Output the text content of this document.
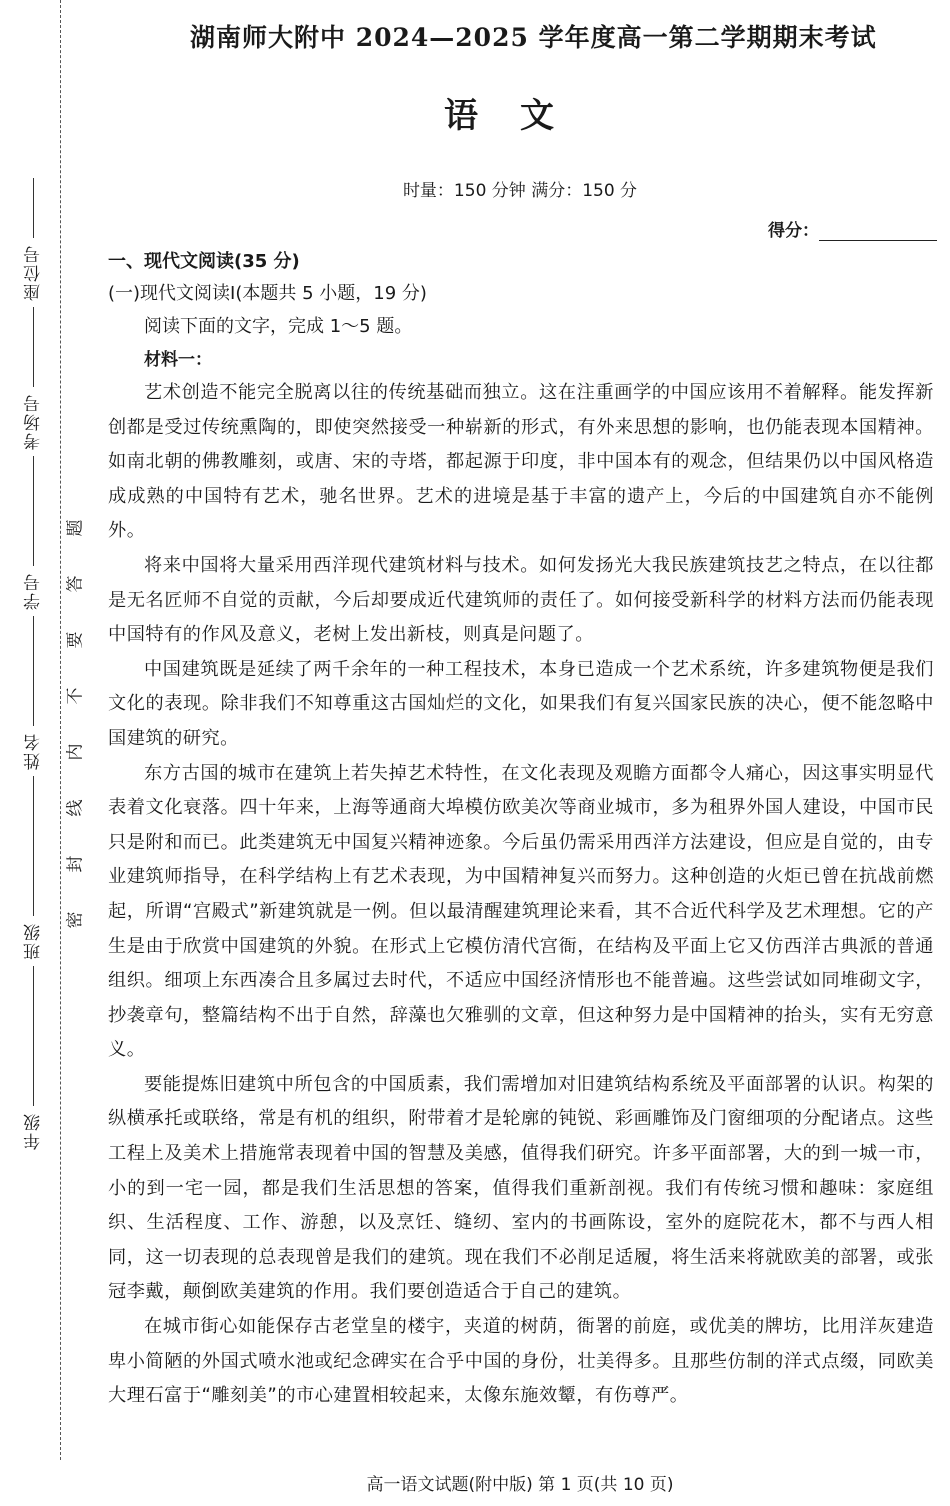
座位号
考场号
学号
姓名
班级
年级
题
答
要
不
内
线
封
密
湖南师大附中 2024—2025 学年度高一第二学期期末考试
语文
时量：150 分钟 满分：150 分
得分：

一、现代文阅读(35 分)

(一)现代文阅读Ⅰ(本题共 5 小题，19 分)

阅读下面的文字，完成 1～5 题。

材料一：

艺术创造不能完全脱离以往的传统基础而独立。这在注重画学的中国应该用不着解释。能发挥新创都是受过传统熏陶的，即使突然接受一种崭新的形式，有外来思想的影响，也仍能表现本国精神。如南北朝的佛教雕刻，或唐、宋的寺塔，都起源于印度，非中国本有的观念，但结果仍以中国风格造成成熟的中国特有艺术，驰名世界。艺术的进境是基于丰富的遗产上，今后的中国建筑自亦不能例外。

将来中国将大量采用西洋现代建筑材料与技术。如何发扬光大我民族建筑技艺之特点，在以往都是无名匠师不自觉的贡献，今后却要成近代建筑师的责任了。如何接受新科学的材料方法而仍能表现中国特有的作风及意义，老树上发出新枝，则真是问题了。

中国建筑既是延续了两千余年的一种工程技术，本身已造成一个艺术系统，许多建筑物便是我们文化的表现。除非我们不知尊重这古国灿烂的文化，如果我们有复兴国家民族的决心，便不能忽略中国建筑的研究。

东方古国的城市在建筑上若失掉艺术特性，在文化表现及观瞻方面都令人痛心，因这事实明显代表着文化衰落。四十年来，上海等通商大埠模仿欧美次等商业城市，多为租界外国人建设，中国市民只是附和而已。此类建筑无中国复兴精神迹象。今后虽仍需采用西洋方法建设，但应是自觉的，由专业建筑师指导，在科学结构上有艺术表现，为中国精神复兴而努力。这种创造的火炬已曾在抗战前燃起，所谓“宫殿式”新建筑就是一例。但以最清醒建筑理论来看，其不合近代科学及艺术理想。它的产生是由于欣赏中国建筑的外貌。在形式上它模仿清代宫衙，在结构及平面上它又仿西洋古典派的普通组织。细项上东西凑合且多属过去时代，不适应中国经济情形也不能普遍。这些尝试如同堆砌文字，抄袭章句，整篇结构不出于自然，辞藻也欠雅驯的文章，但这种努力是中国精神的抬头，实有无穷意义。

要能提炼旧建筑中所包含的中国质素，我们需增加对旧建筑结构系统及平面部署的认识。构架的纵横承托或联络，常是有机的组织，附带着才是轮廓的钝锐、彩画雕饰及门窗细项的分配诸点。这些工程上及美术上措施常表现着中国的智慧及美感，值得我们研究。许多平面部署，大的到一城一市，小的到一宅一园，都是我们生活思想的答案，值得我们重新剖视。我们有传统习惯和趣味：家庭组织、生活程度、工作、游憩，以及烹饪、缝纫、室内的书画陈设，室外的庭院花木，都不与西人相同，这一切表现的总表现曾是我们的建筑。现在我们不必削足适履，将生活来将就欧美的部署，或张冠李戴，颠倒欧美建筑的作用。我们要创造适合于自己的建筑。

在城市街心如能保存古老堂皇的楼宇，夹道的树荫，衙署的前庭，或优美的牌坊，比用洋灰建造卑小简陋的外国式喷水池或纪念碑实在合乎中国的身份，壮美得多。且那些仿制的洋式点缀，同欧美大理石富于“雕刻美”的市心建置相较起来，太像东施效颦，有伤尊严。

高一语文试题(附中版) 第 1 页(共 10 页)
